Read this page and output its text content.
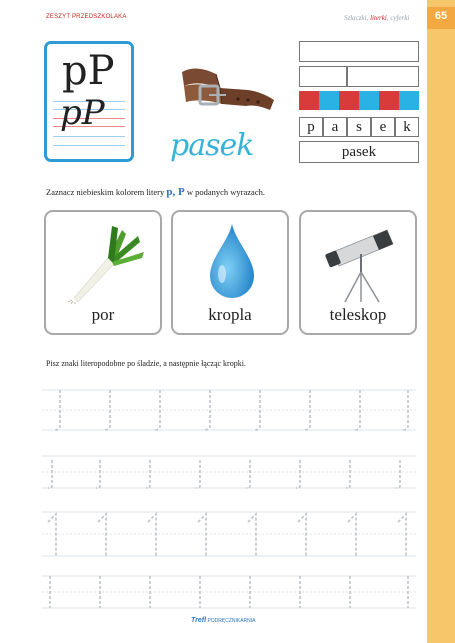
ZESZYT PRZEDSZKOLAKA	Szlaczki, literki, cyferki	65
pP
pP
pasek
p	a	s	e	k
pasek
Zaznacz niebieskim kolorem litery p, P w podanych wyrazach.
por	kropla	teleskop
Pisz znaki literopodobne po śladzie, a następnie łącząc kropki.
Trefl PODRĘCZNIKARNIA
